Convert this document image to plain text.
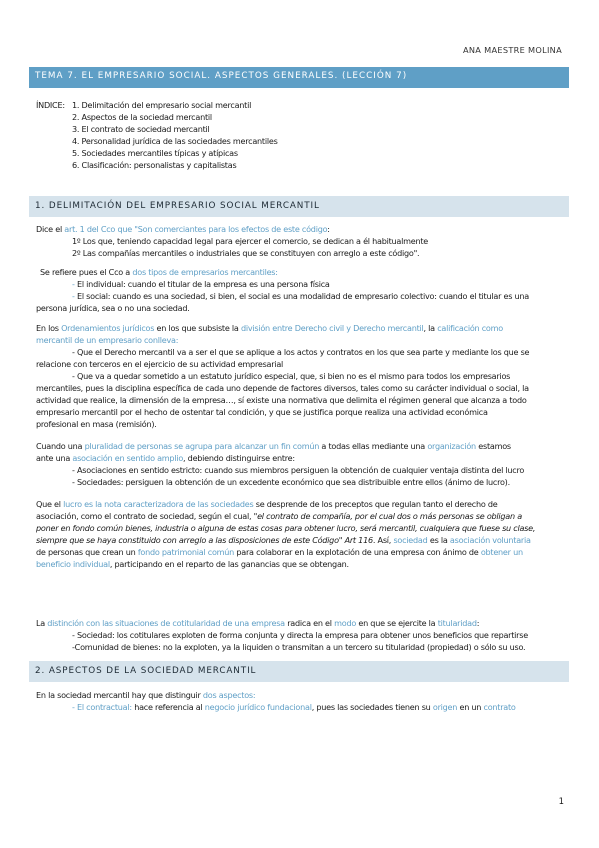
ANA MAESTRE MOLINA
TEMA 7. EL EMPRESARIO SOCIAL. ASPECTOS GENERALES. (LECCIÓN 7)
ÍNDICE: 1. Delimitación del empresario social mercantil
2. Aspectos de la sociedad mercantil
3. El contrato de sociedad mercantil
4. Personalidad jurídica de las sociedades mercantiles
5. Sociedades mercantiles típicas y atípicas
6. Clasificación: personalistas y capitalistas
1. DELIMITACIÓN DEL EMPRESARIO SOCIAL MERCANTIL
Dice el art. 1 del Cco que "Son comerciantes para los efectos de este código:
1º Los que, teniendo capacidad legal para ejercer el comercio, se dedican a él habitualmente
2º Las compañías mercantiles o industriales que se constituyen con arreglo a este código".
Se refiere pues el Cco a dos tipos de empresarios mercantiles:
- El individual: cuando el titular de la empresa es una persona física
- El social: cuando es una sociedad, si bien, el social es una modalidad de empresario colectivo: cuando el titular es una
persona jurídica, sea o no una sociedad.
En los Ordenamientos jurídicos en los que subsiste la división entre Derecho civil y Derecho mercantil, la calificación como
mercantil de un empresario conlleva:
- Que el Derecho mercantil va a ser el que se aplique a los actos y contratos en los que sea parte y mediante los que se
relacione con terceros en el ejercicio de su actividad empresarial
- Que va a quedar sometido a un estatuto jurídico especial, que, si bien no es el mismo para todos los empresarios
mercantiles, pues la disciplina específica de cada uno depende de factores diversos, tales como su carácter individual o social, la
actividad que realice, la dimensión de la empresa…, sí existe una normativa que delimita el régimen general que alcanza a todo
empresario mercantil por el hecho de ostentar tal condición, y que se justifica porque realiza una actividad económica
profesional en masa (remisión).
Cuando una pluralidad de personas se agrupa para alcanzar un fin común a todas ellas mediante una organización estamos
ante una asociación en sentido amplio, debiendo distinguirse entre:
- Asociaciones en sentido estricto: cuando sus miembros persiguen la obtención de cualquier ventaja distinta del lucro
- Sociedades: persiguen la obtención de un excedente económico que sea distribuible entre ellos (ánimo de lucro).
Que el lucro es la nota caracterizadora de las sociedades se desprende de los preceptos que regulan tanto el derecho de
asociación, como el contrato de sociedad, según el cual, "el contrato de compañía, por el cual dos o más personas se obligan a
poner en fondo común bienes, industria o alguna de estas cosas para obtener lucro, será mercantil, cualquiera que fuese su clase,
siempre que se haya constituido con arreglo a las disposiciones de este Código" Art 116. Así, sociedad es la asociación voluntaria
de personas que crean un fondo patrimonial común para colaborar en la explotación de una empresa con ánimo de obtener un
beneficio individual, participando en el reparto de las ganancias que se obtengan.
La distinción con las situaciones de cotitularidad de una empresa radica en el modo en que se ejercite la titularidad:
- Sociedad: los cotitulares exploten de forma conjunta y directa la empresa para obtener unos beneficios que repartirse
-Comunidad de bienes: no la exploten, ya la liquiden o transmitan a un tercero su titularidad (propiedad) o sólo su uso.
2. ASPECTOS DE LA SOCIEDAD MERCANTIL
En la sociedad mercantil hay que distinguir dos aspectos:
- El contractual: hace referencia al negocio jurídico fundacional, pues las sociedades tienen su origen en un contrato
1
